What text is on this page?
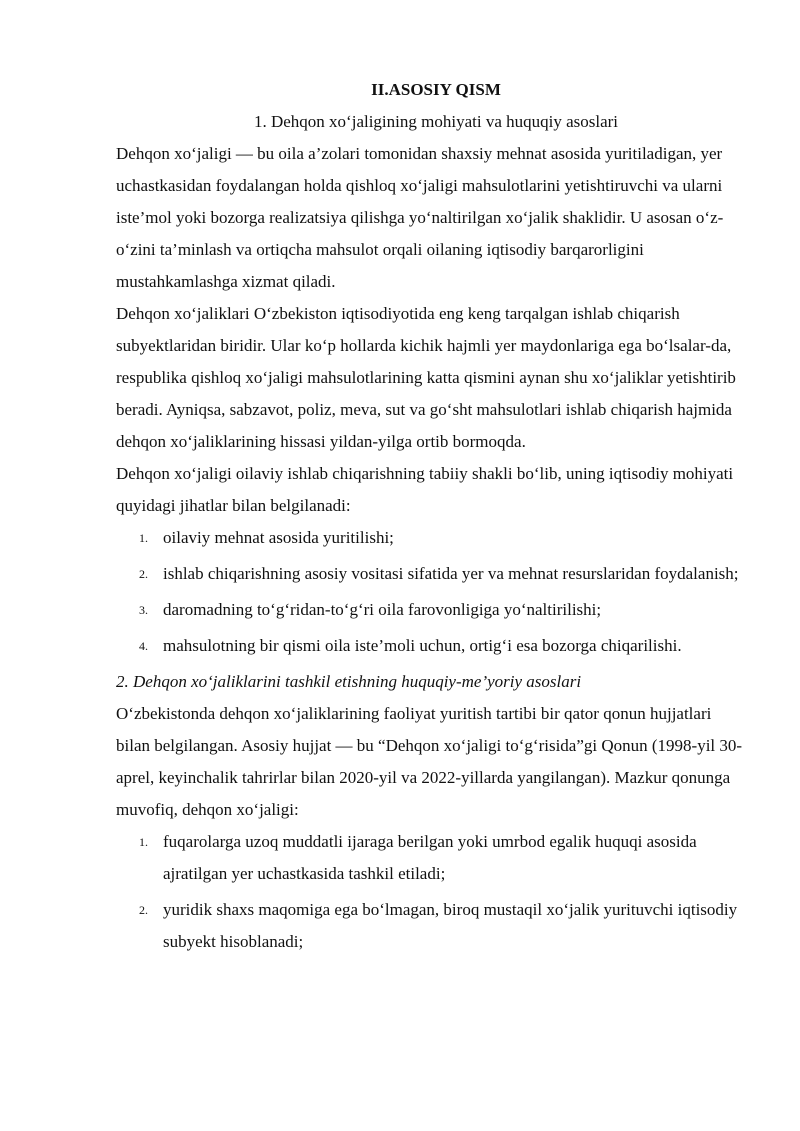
II.ASOSIY QISM
1. Dehqon xo‘jaligining mohiyati va huquqiy asoslari

Dehqon xo‘jaligi — bu oila a’zolari tomonidan shaxsiy mehnat asosida yuritiladigan, yer uchastkasidan foydalangan holda qishloq xo‘jaligi mahsulotlarini yetishtiruvchi va ularni iste’mol yoki bozorga realizatsiya qilishga yo‘naltirilgan xo‘jalik shaklidir. U asosan o‘z-o‘zini ta’minlash va ortiqcha mahsulot orqali oilaning iqtisodiy barqarorligini mustahkamlashga xizmat qiladi.

Dehqon xo‘jaliklari O‘zbekiston iqtisodiyotida eng keng tarqalgan ishlab chiqarish subyektlaridan biridir. Ular ko‘p hollarda kichik hajmli yer maydonlariga ega bo‘lsalar-da, respublika qishloq xo‘jaligi mahsulotlarining katta qismini aynan shu xo‘jaliklar yetishtirib beradi. Ayniqsa, sabzavot, poliz, meva, sut va go‘sht mahsulotlari ishlab chiqarish hajmida dehqon xo‘jaliklarining hissasi yildan-yilga ortib bormoqda.

Dehqon xo‘jaligi oilaviy ishlab chiqarishning tabiiy shakli bo‘lib, uning iqtisodiy mohiyati quyidagi jihatlar bilan belgilanadi:

1. oilaviy mehnat asosida yuritilishi;
2. ishlab chiqarishning asosiy vositasi sifatida yer va mehnat resurslaridan foydalanish;
3. daromadning to‘g‘ridan-to‘g‘ri oila farovonligiga yo‘naltirilishi;
4. mahsulotning bir qismi oila iste’moli uchun, ortig‘i esa bozorga chiqarilishi.

2. Dehqon xo‘jaliklarini tashkil etishning huquqiy-me’yoriy asoslari

O‘zbekistonda dehqon xo‘jaliklarining faoliyat yuritish tartibi bir qator qonun hujjatlari bilan belgilangan. Asosiy hujjat — bu “Dehqon xo‘jaligi to‘g‘risida”gi Qonun (1998-yil 30-aprel, keyinchalik tahrirlar bilan 2020-yil va 2022-yillarda yangilangan). Mazkur qonunga muvofiq, dehqon xo‘jaligi:

1. fuqarolarga uzoq muddatli ijaraga berilgan yoki umrbod egalik huquqi asosida ajratilgan yer uchastkasida tashkil etiladi;
2. yuridik shaxs maqomiga ega bo‘lmagan, biroq mustaqil xo‘jalik yurituvchi iqtisodiy subyekt hisoblanadi;
